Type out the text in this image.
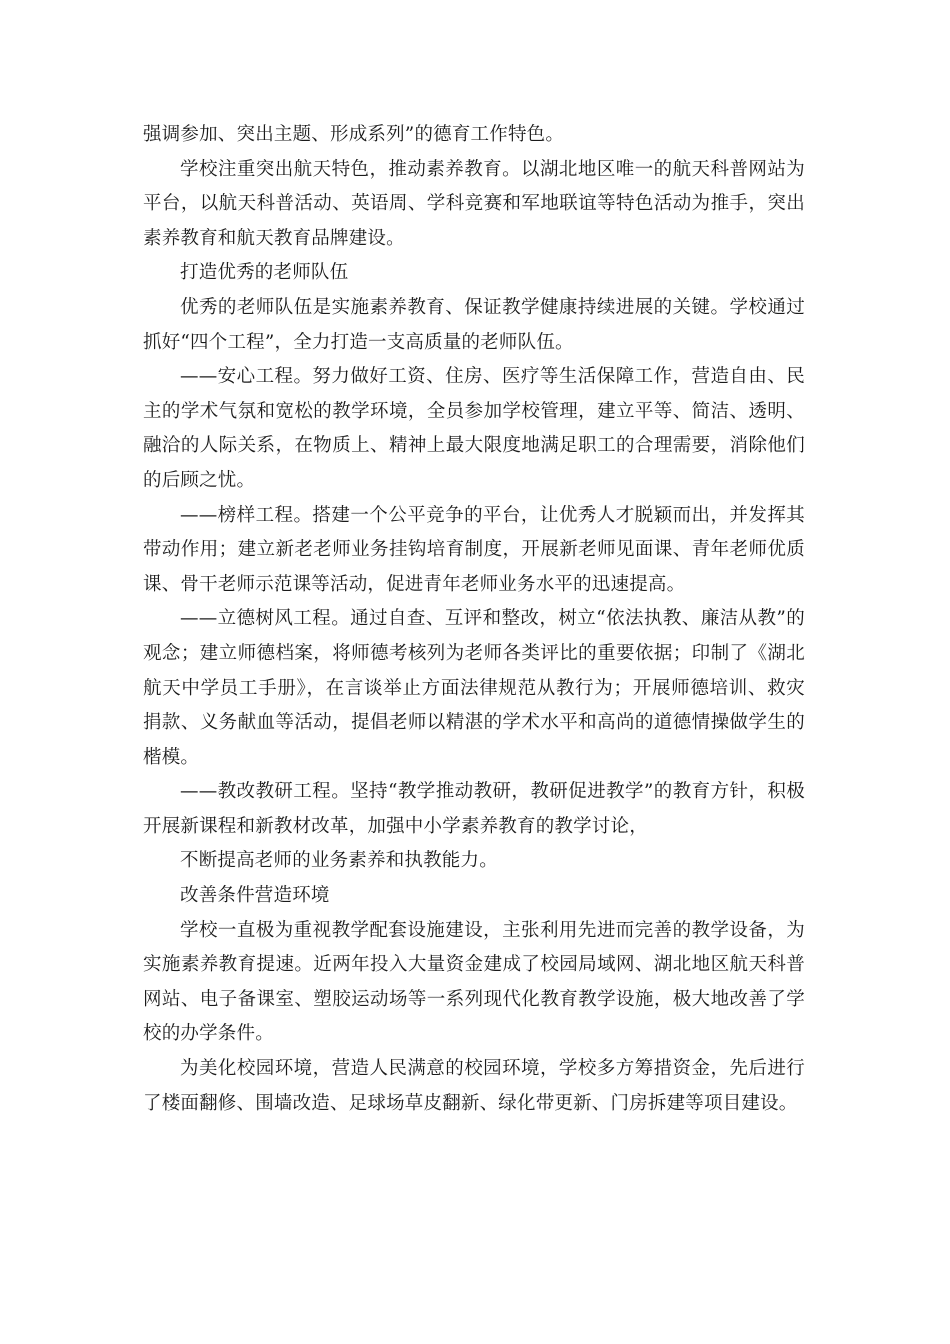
强调参加、突出主题、形成系列”的德育工作特色。

学校注重突出航天特色，推动素养教育。以湖北地区唯一的航天科普网站为平台，以航天科普活动、英语周、学科竞赛和军地联谊等特色活动为推手，突出素养教育和航天教育品牌建设。

打造优秀的老师队伍

优秀的老师队伍是实施素养教育、保证教学健康持续进展的关键。学校通过抓好“四个工程”，全力打造一支高质量的老师队伍。

——安心工程。努力做好工资、住房、医疗等生活保障工作，营造自由、民主的学术气氛和宽松的教学环境，全员参加学校管理，建立平等、简洁、透明、融洽的人际关系，在物质上、精神上最大限度地满足职工的合理需要，消除他们的后顾之忧。

——榜样工程。搭建一个公平竞争的平台，让优秀人才脱颖而出，并发挥其带动作用；建立新老老师业务挂钩培育制度，开展新老师见面课、青年老师优质课、骨干老师示范课等活动，促进青年老师业务水平的迅速提高。

——立德树风工程。通过自查、互评和整改，树立“依法执教、廉洁从教”的观念；建立师德档案，将师德考核列为老师各类评比的重要依据；印制了《湖北航天中学员工手册》，在言谈举止方面法律规范从教行为；开展师德培训、救灾捐款、义务献血等活动，提倡老师以精湛的学术水平和高尚的道德情操做学生的楷模。

——教改教研工程。坚持“教学推动教研，教研促进教学”的教育方针，积极开展新课程和新教材改革，加强中小学素养教育的教学讨论，

不断提高老师的业务素养和执教能力。

改善条件营造环境

学校一直极为重视教学配套设施建设，主张利用先进而完善的教学设备，为实施素养教育提速。近两年投入大量资金建成了校园局域网、湖北地区航天科普网站、电子备课室、塑胶运动场等一系列现代化教育教学设施，极大地改善了学校的办学条件。

为美化校园环境，营造人民满意的校园环境，学校多方筹措资金，先后进行了楼面翻修、围墙改造、足球场草皮翻新、绿化带更新、门房拆建等项目建设。
